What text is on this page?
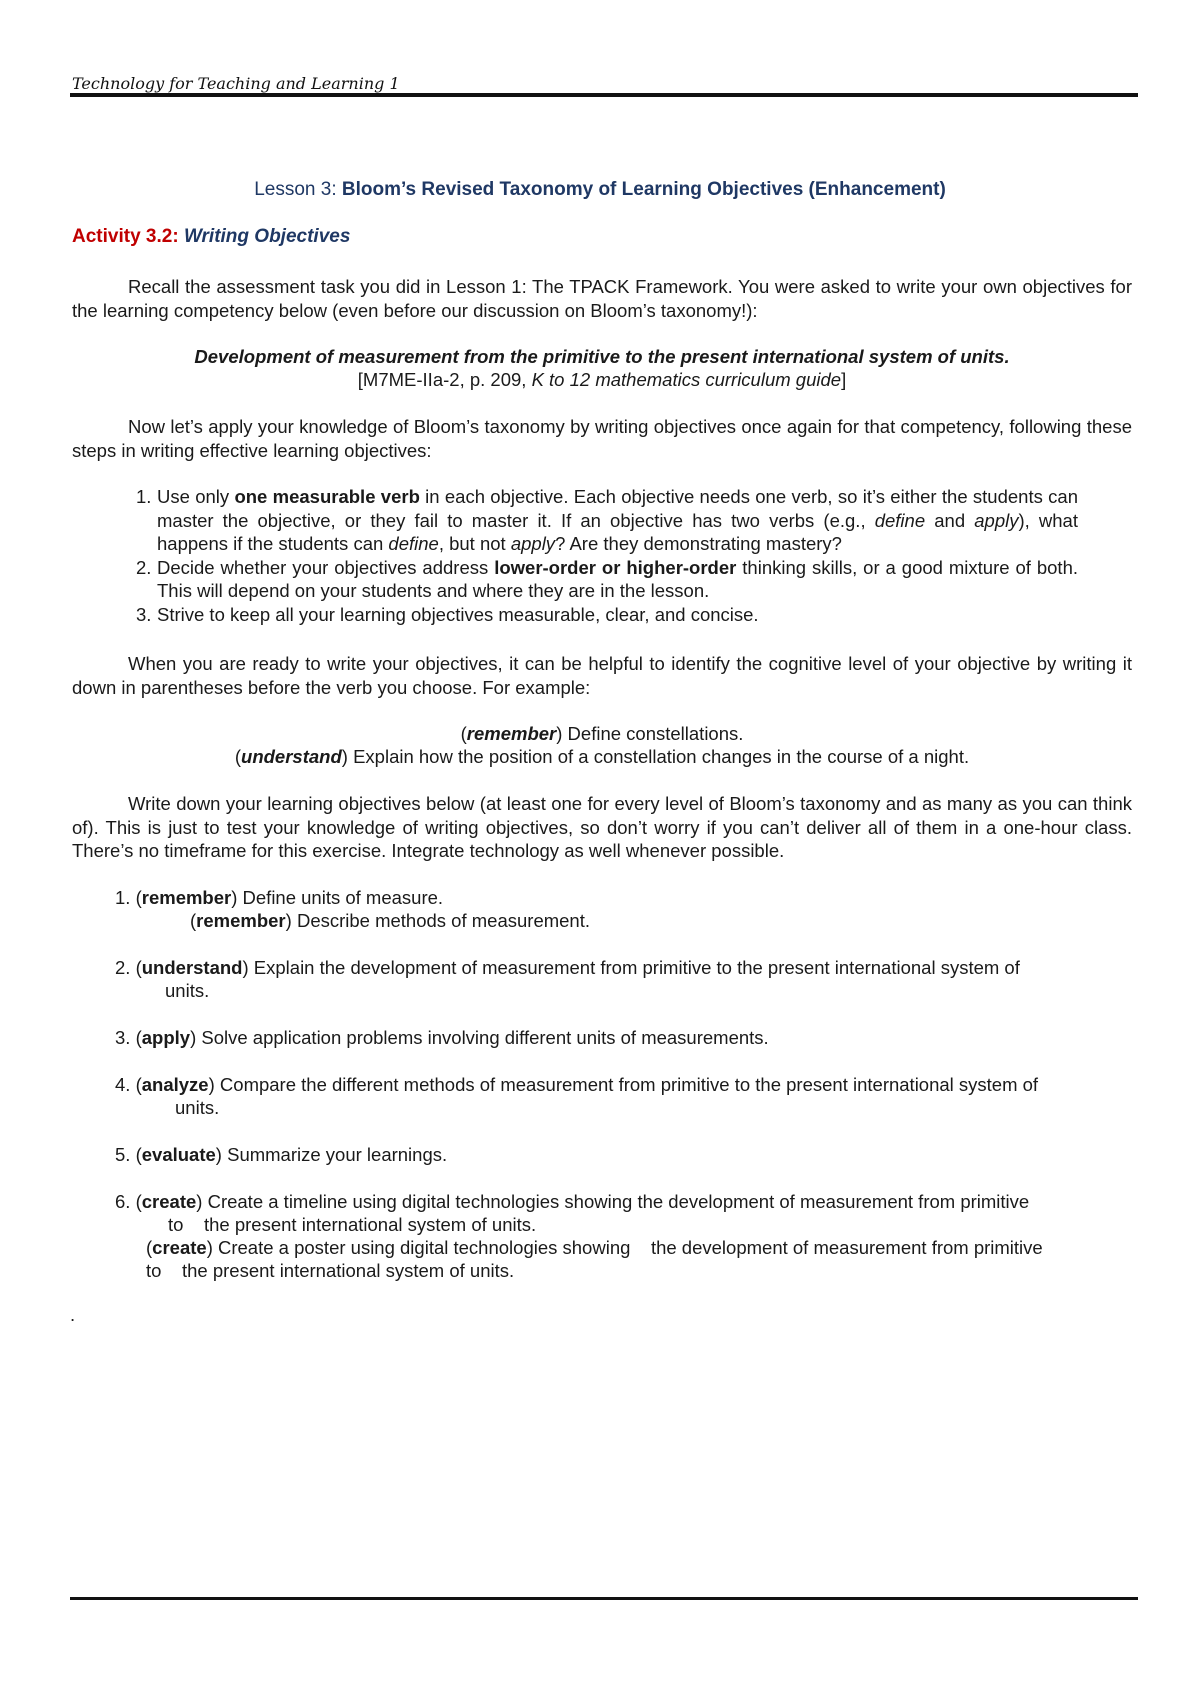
Technology for Teaching and Learning 1
Lesson 3: Bloom’s Revised Taxonomy of Learning Objectives (Enhancement)
Activity 3.2: Writing Objectives
Recall the assessment task you did in Lesson 1: The TPACK Framework. You were asked to write your own objectives for the learning competency below (even before our discussion on Bloom’s taxonomy!):
Development of measurement from the primitive to the present international system of units.
[M7ME-IIa-2, p. 209, K to 12 mathematics curriculum guide]
Now let’s apply your knowledge of Bloom’s taxonomy by writing objectives once again for that competency, following these steps in writing effective learning objectives:
1. Use only one measurable verb in each objective. Each objective needs one verb, so it’s either the students can master the objective, or they fail to master it. If an objective has two verbs (e.g., define and apply), what happens if the students can define, but not apply? Are they demonstrating mastery?
2. Decide whether your objectives address lower-order or higher-order thinking skills, or a good mixture of both. This will depend on your students and where they are in the lesson.
3. Strive to keep all your learning objectives measurable, clear, and concise.
When you are ready to write your objectives, it can be helpful to identify the cognitive level of your objective by writing it down in parentheses before the verb you choose. For example:
(remember) Define constellations.
(understand) Explain how the position of a constellation changes in the course of a night.
Write down your learning objectives below (at least one for every level of Bloom’s taxonomy and as many as you can think of). This is just to test your knowledge of writing objectives, so don’t worry if you can’t deliver all of them in a one-hour class. There’s no timeframe for this exercise. Integrate technology as well whenever possible.
1. (remember) Define units of measure.
(remember) Describe methods of measurement.
2. (understand) Explain the development of measurement from primitive to the present international system of
units.
3. (apply) Solve application problems involving different units of measurements.
4. (analyze) Compare the different methods of measurement from primitive to the present international system of
units.
5. (evaluate) Summarize your learnings.
6. (create) Create a timeline using digital technologies showing the development of measurement from primitive
to    the present international system of units.
(create) Create a poster using digital technologies showing    the development of measurement from primitive
to    the present international system of units.
.
